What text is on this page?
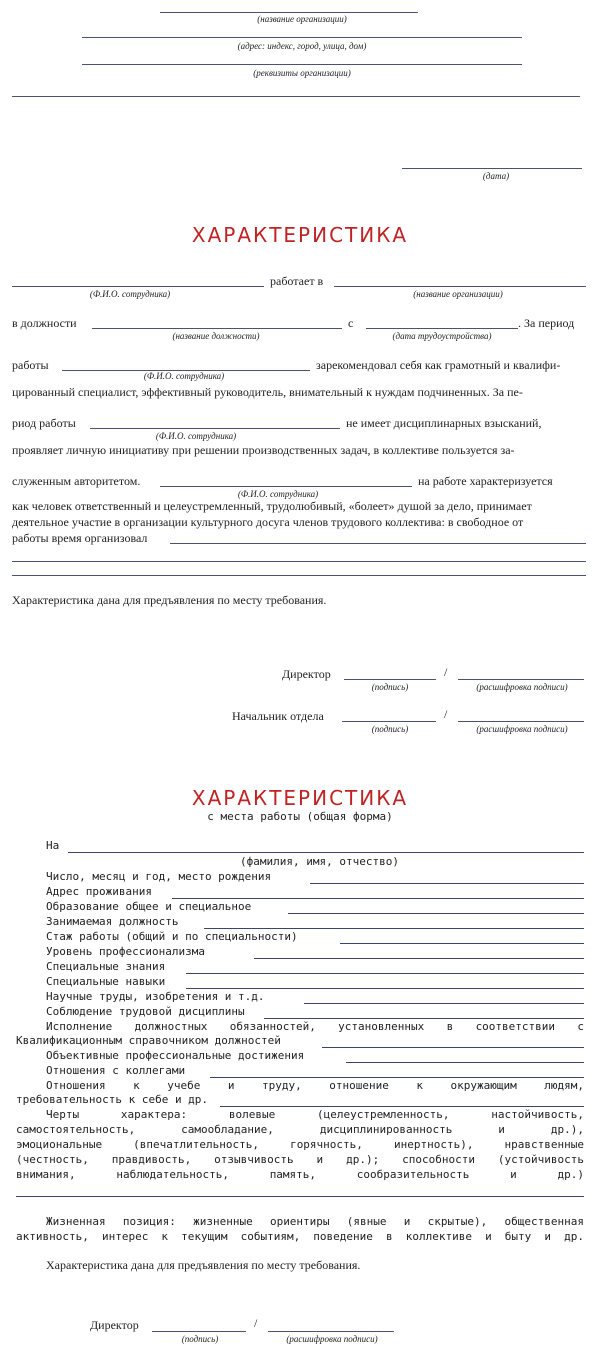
(название организации)
(адрес: индекс, город, улица, дом)
(реквизиты организации)
(дата)
ХАРАКТЕРИСТИКА
работает в
(Ф.И.О. сотрудника)	(название организации)
в должности	с	. За период
(название должности)	(дата трудоустройства)
работы	зарекомендовал себя как грамотный и квалифи-
(Ф.И.О. сотрудника)
цированный специалист, эффективный руководитель, внимательный к нуждам подчиненных. За пе-
риод работы	не имеет дисциплинарных взысканий,
(Ф.И.О. сотрудника)
проявляет личную инициативу при решении производственных задач, в коллективе пользуется за-
служенным авторитетом.	на работе характеризуется
(Ф.И.О. сотрудника)
как человек ответственный и целеустремленный, трудолюбивый, «болеет» душой за дело, принимает
деятельное участие в организации культурного досуга членов трудового коллектива: в свободное от
работы время организовал
Характеристика дана для предъявления по месту требования.
Директор	/
(подпись)	(расшифровка подписи)
Начальник отдела	/
(подпись)	(расшифровка подписи)
ХАРАКТЕРИСТИКА
с места работы (общая форма)
На
(фамилия, имя, отчество)
Число, месяц и год, место рождения
Адрес проживания
Образование общее и специальное
Занимаемая должность
Стаж работы (общий и по специальности)
Уровень профессионализма
Специальные знания
Специальные навыки
Научные труды, изобретения и т.д.
Соблюдение трудовой дисциплины
Исполнение должностных обязанностей, установленных в соответствии с
Квалификационным справочником должностей
Объективные профессиональные достижения
Отношения с коллегами
Отношения к учебе и труду, отношение к окружающим людям,
требовательность к себе и др.
Черты характера: волевые (целеустремленность, настойчивость,
самостоятельность, самообладание, дисциплинированность и др.),
эмоциональные (впечатлительность, горячность, инертность), нравственные
(честность, правдивость, отзывчивость и др.); способности (устойчивость
внимания, наблюдательность, память, сообразительность и др.)
Жизненная позиция: жизненные ориентиры (явные и скрытые), общественная
активность, интерес к текущим событиям, поведение в коллективе и быту и др.
Характеристика дана для предъявления по месту требования.
Директор	/
(подпись)	(расшифровка подписи)
